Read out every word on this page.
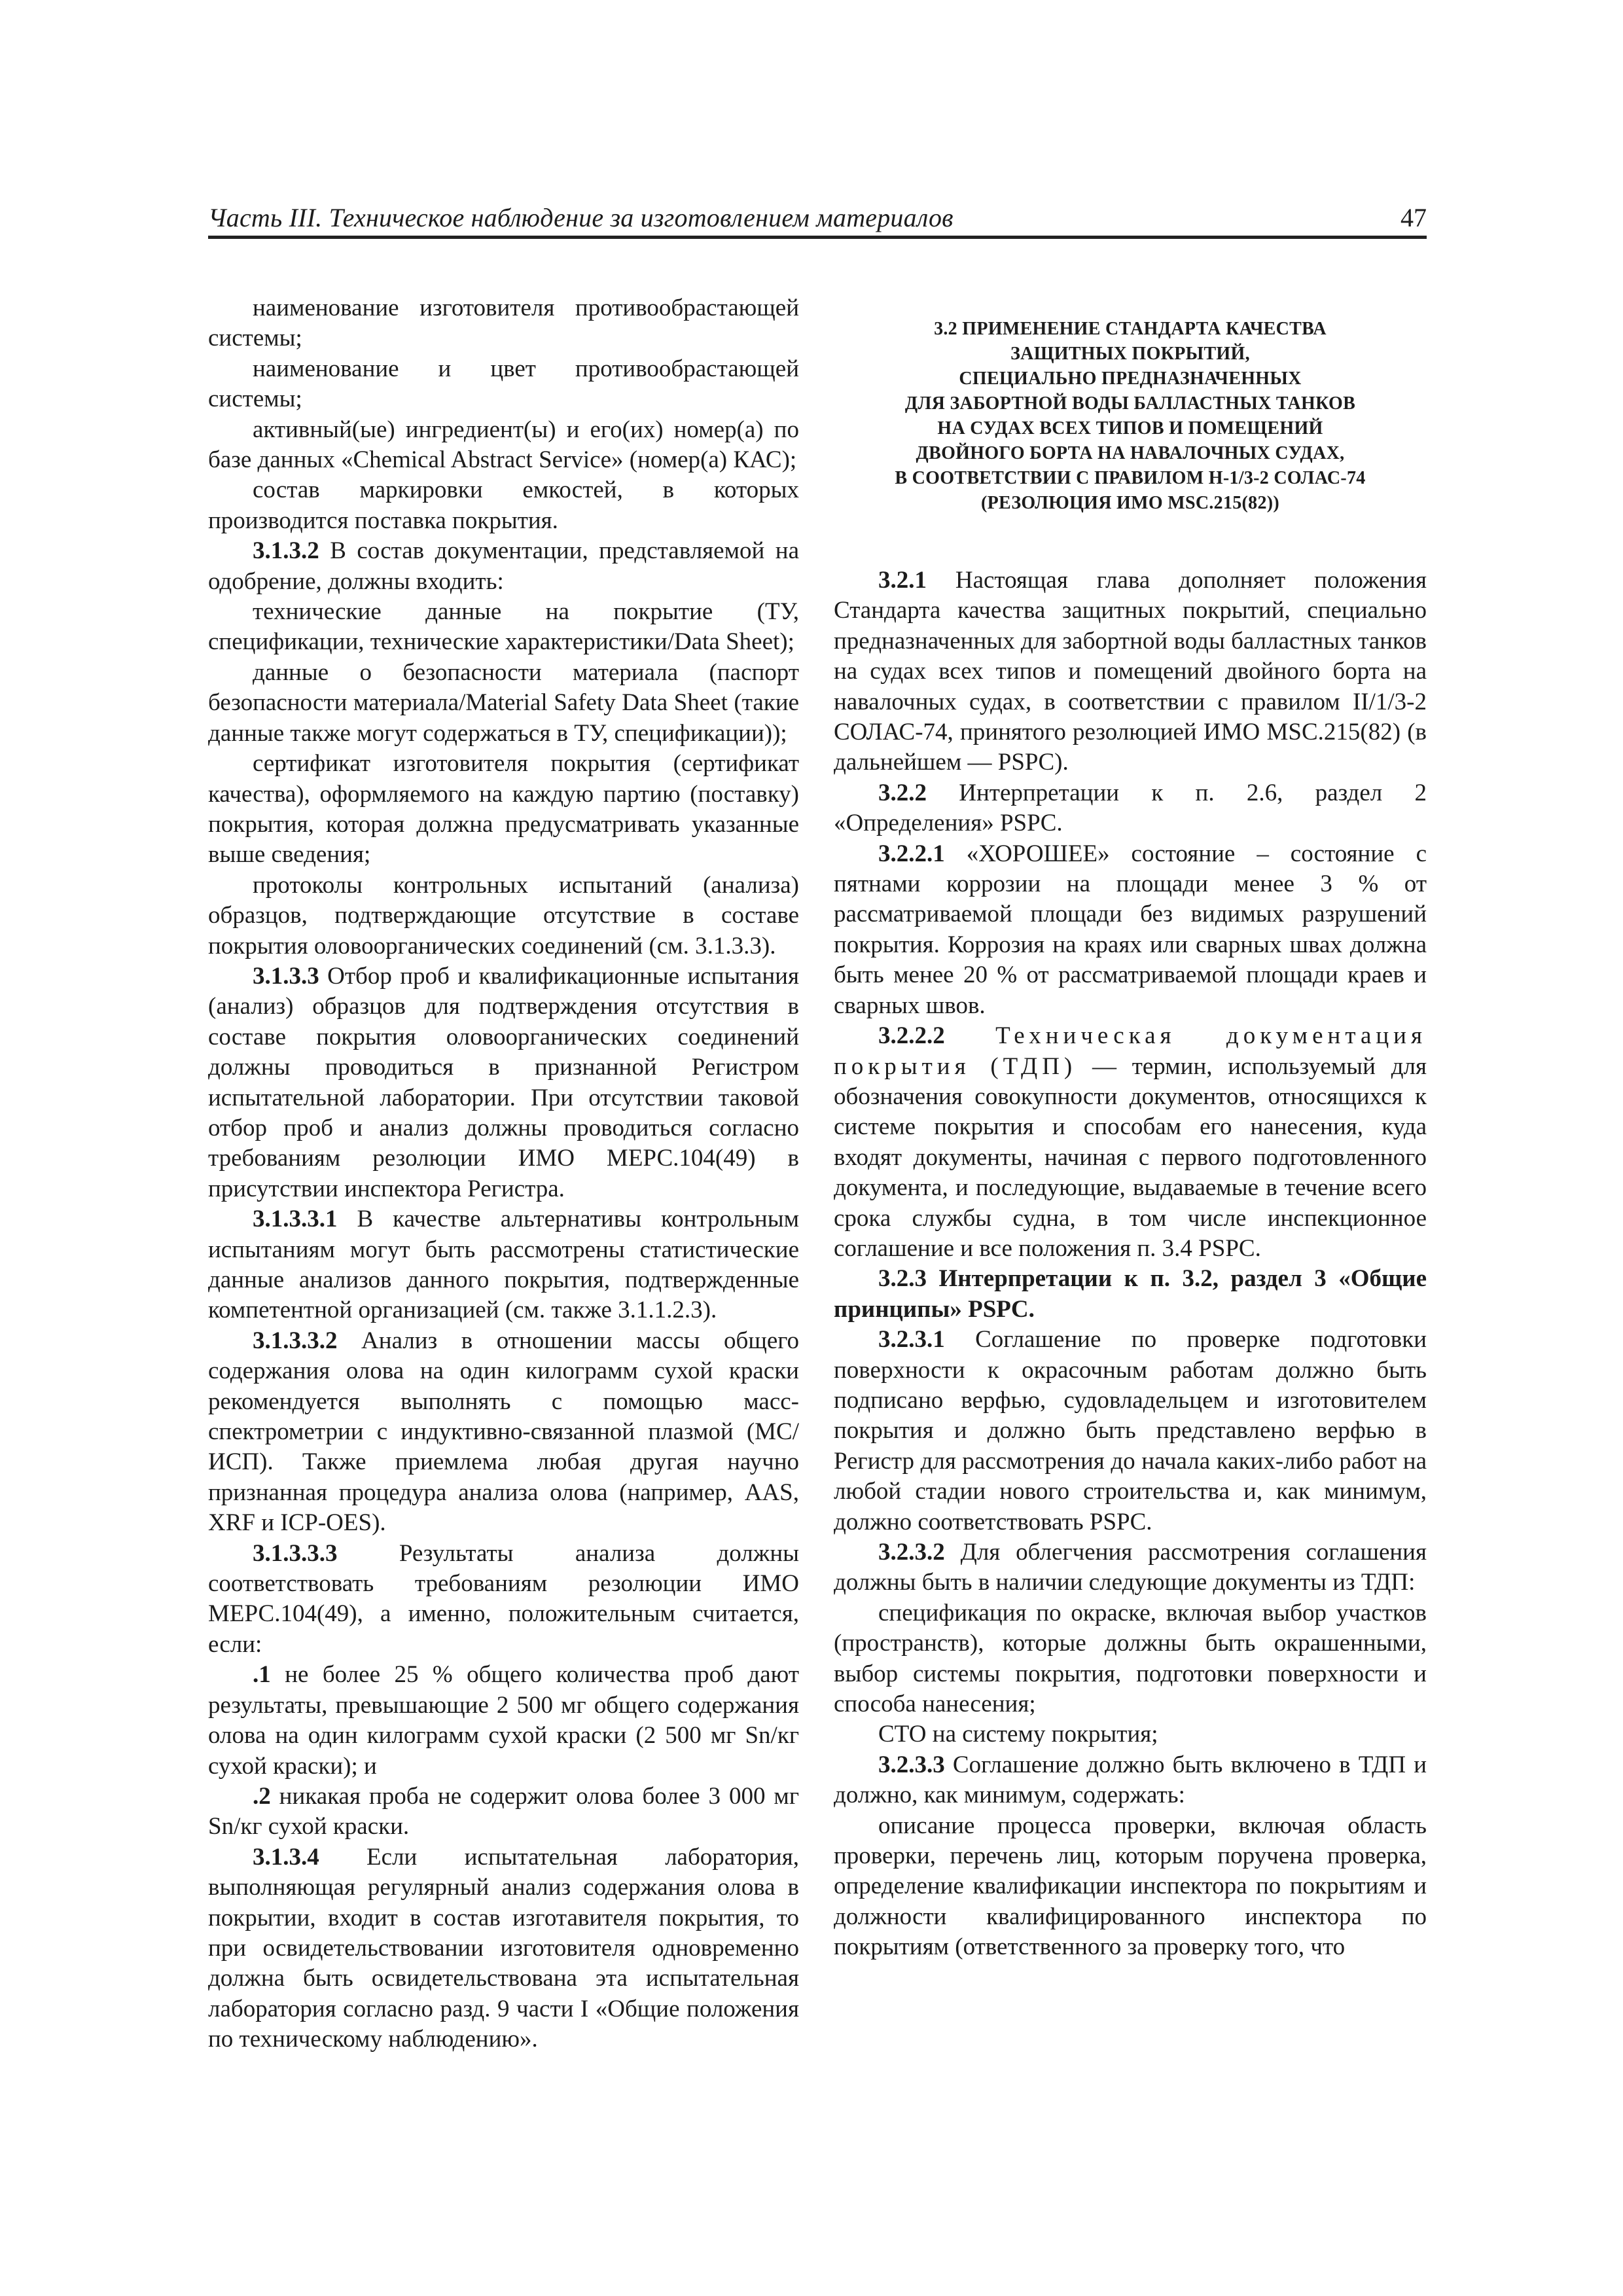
Часть III. Техническое наблюдение за изготовлением материалов	47

наименование изготовителя противообрастающей системы;

наименование и цвет противообрастающей системы;

активный(ые) ингредиент(ы) и его(их) номер(а) по базе данных «Chemical Abstract Service» (номер(а) КАС);

состав маркировки емкостей, в которых производится поставка покрытия.

3.1.3.2 В состав документации, представляемой на одобрение, должны входить:

технические данные на покрытие (ТУ, спецификации, технические характеристики/Data Sheet);

данные о безопасности материала (паспорт безопасности материала/Material Safety Data Sheet (такие данные также могут содержаться в ТУ, спецификации));

сертификат изготовителя покрытия (сертификат качества), оформляемого на каждую партию (поставку) покрытия, которая должна предусматривать указанные выше сведения;

протоколы контрольных испытаний (анализа) образцов, подтверждающие отсутствие в составе покрытия оловоорганических соединений (см. 3.1.3.3).

3.1.3.3 Отбор проб и квалификационные испытания (анализ) образцов для подтверждения отсутствия в составе покрытия оловоорганических соединений должны проводиться в признанной Регистром испытательной лаборатории. При отсутствии таковой отбор проб и анализ должны проводиться согласно требованиям резолюции ИМО МЕРС.104(49) в присутствии инспектора Регистра.

3.1.3.3.1 В качестве альтернативы контрольным испытаниям могут быть рассмотрены статистические данные анализов данного покрытия, подтвержденные компетентной организацией (см. также 3.1.1.2.3).

3.1.3.3.2 Анализ в отношении массы общего содержания олова на один килограмм сухой краски рекомендуется выполнять с помощью масс-спектрометрии с индуктивно-связанной плазмой (МС/ИСП). Также приемлема любая другая научно признанная процедура анализа олова (например, AAS, XRF и ICP-OES).

3.1.3.3.3 Результаты анализа должны соответствовать требованиям резолюции ИМО МЕРС.104(49), а именно, положительным считается, если:

.1 не более 25 % общего количества проб дают результаты, превышающие 2 500 мг общего содержания олова на один килограмм сухой краски (2 500 мг Sn/кг сухой краски); и

.2 никакая проба не содержит олова более 3 000 мг Sn/кг сухой краски.

3.1.3.4 Если испытательная лаборатория, выполняющая регулярный анализ содержания олова в покрытии, входит в состав изготавителя покрытия, то при освидетельствовании изготовителя одновременно должна быть освидетельствована эта испытательная лаборатория согласно разд. 9 части I «Общие положения по техническому наблюдению».

3.2 ПРИМЕНЕНИЕ СТАНДАРТА КАЧЕСТВА
ЗАЩИТНЫХ ПОКРЫТИЙ,
СПЕЦИАЛЬНО ПРЕДНАЗНАЧЕННЫХ
ДЛЯ ЗАБОРТНОЙ ВОДЫ БАЛЛАСТНЫХ ТАНКОВ
НА СУДАХ ВСЕХ ТИПОВ И ПОМЕЩЕНИЙ
ДВОЙНОГО БОРТА НА НАВАЛОЧНЫХ СУДАХ,
В СООТВЕТСТВИИ С ПРАВИЛОМ Н-1/3-2 СОЛАС-74
(РЕЗОЛЮЦИЯ ИМО MSC.215(82))

3.2.1 Настоящая глава дополняет положения Стандарта качества защитных покрытий, специально предназначенных для забортной воды балластных танков на судах всех типов и помещений двойного борта на навалочных судах, в соответствии с правилом II/1/3-2 СОЛАС-74, принятого резолюцией ИМО MSC.215(82) (в дальнейшем — PSPC).

3.2.2 Интерпретации к п. 2.6, раздел 2 «Определения» PSPC.

3.2.2.1 «ХОРОШЕЕ» состояние – состояние с пятнами коррозии на площади менее 3 % от рассматриваемой площади без видимых разрушений покрытия. Коррозия на краях или сварных швах должна быть менее 20 % от рассматриваемой площади краев и сварных швов.

3.2.2.2 Техническая документация покрытия (ТДП) — термин, используемый для обозначения совокупности документов, относящихся к системе покрытия и способам его нанесения, куда входят документы, начиная с первого подготовленного документа, и последующие, выдаваемые в течение всего срока службы судна, в том числе инспекционное соглашение и все положения п. 3.4 PSPC.

3.2.3 Интерпретации к п. 3.2, раздел 3 «Общие принципы» PSPC.

3.2.3.1 Соглашение по проверке подготовки поверхности к окрасочным работам должно быть подписано верфью, судовладельцем и изготовителем покрытия и должно быть представлено верфью в Регистр для рассмотрения до начала каких-либо работ на любой стадии нового строительства и, как минимум, должно соответствовать PSPC.

3.2.3.2 Для облегчения рассмотрения соглашения должны быть в наличии следующие документы из ТДП:

спецификация по окраске, включая выбор участков (пространств), которые должны быть окрашенными, выбор системы покрытия, подготовки поверхности и способа нанесения;

СТО на систему покрытия;

3.2.3.3 Соглашение должно быть включено в ТДП и должно, как минимум, содержать:

описание процесса проверки, включая область проверки, перечень лиц, которым поручена проверка, определение квалификации инспектора по покрытиям и должности квалифицированного инспектора по покрытиям (ответственного за проверку того, что
